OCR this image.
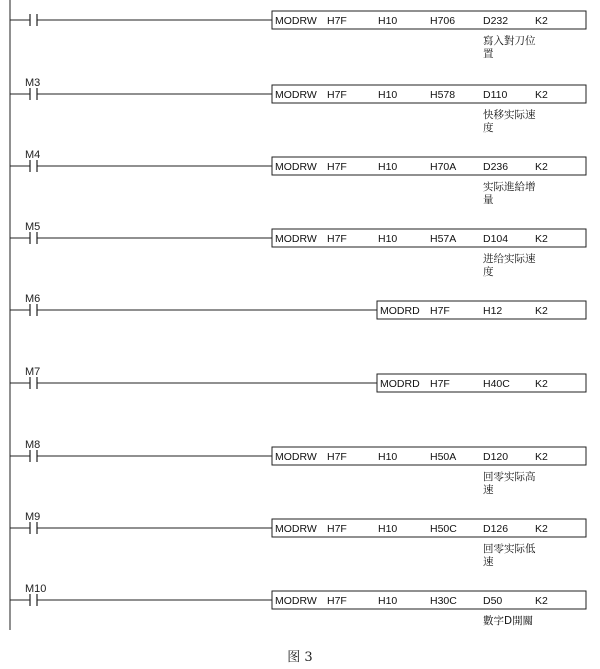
MODRW H7F	H10	H706	D232	K2
寫入對刀位
置
M3
MODRW H7F	H10	H578	D110	K2
快移实际速
度
M4
MODRW H7F	H10	H70A	D236	K2
实际進給增
量
M5
MODRW H7F	H10	H57A	D104	K2
进给实际速
度
M6
MODRD H7F	H12	K2
M7
MODRD H7F	H40C K2
M8
MODRW H7F	H10	H50A	D120	K2
回零实际高
速
M9
MODRW H7F	H10	H50C D126	K2
回零实际低
速
M10
MODRW H7F	H10	H30C D50	K2
數字D開關
图 3
